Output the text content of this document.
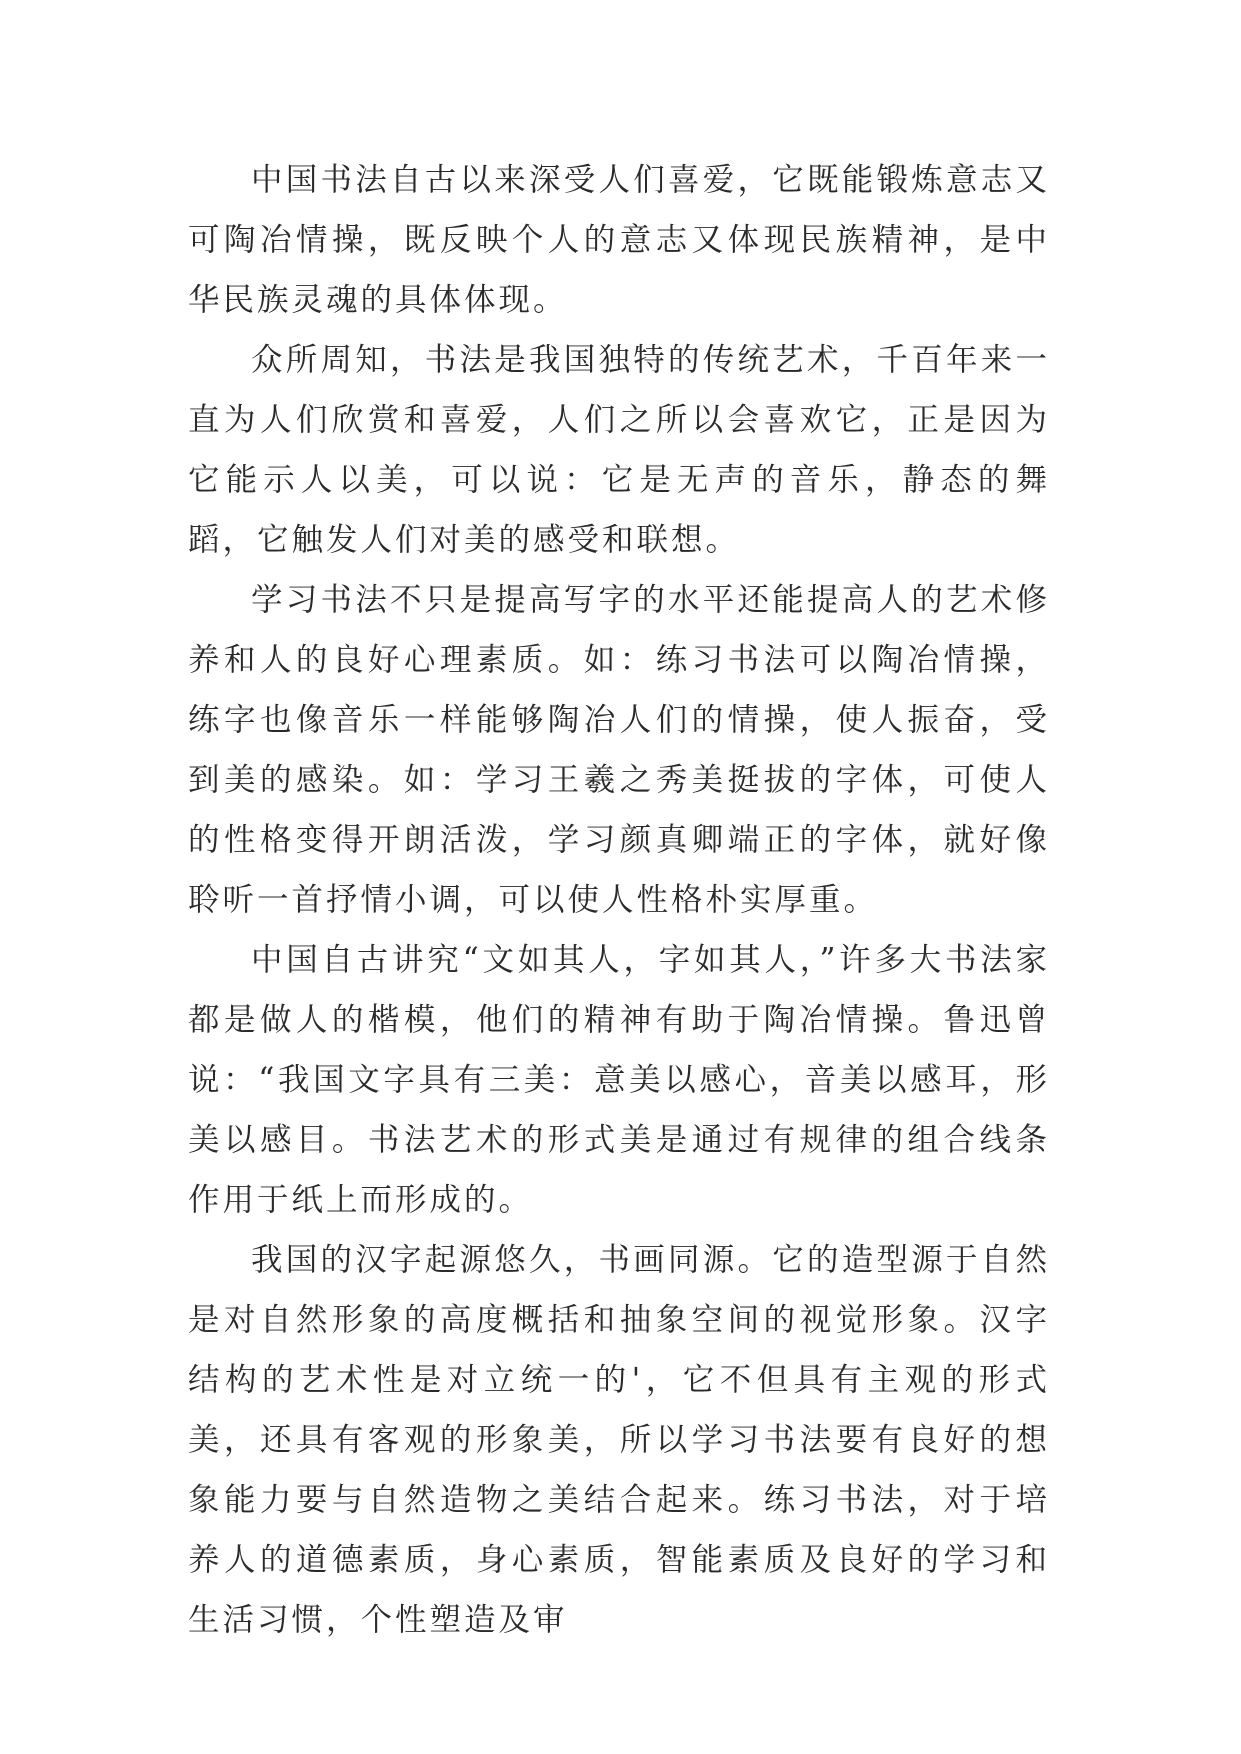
中国书法自古以来深受人们喜爱，它既能锻炼意志又可陶冶情操，既反映个人的意志又体现民族精神，是中华民族灵魂的具体体现。

众所周知，书法是我国独特的传统艺术，千百年来一直为人们欣赏和喜爱，人们之所以会喜欢它，正是因为它能示人以美，可以说：它是无声的音乐，静态的舞蹈，它触发人们对美的感受和联想。

学习书法不只是提高写字的水平还能提高人的艺术修养和人的良好心理素质。如：练习书法可以陶冶情操，练字也像音乐一样能够陶冶人们的情操，使人振奋，受到美的感染。如：学习王羲之秀美挺拔的字体，可使人的性格变得开朗活泼，学习颜真卿端正的字体，就好像聆听一首抒情小调，可以使人性格朴实厚重。

中国自古讲究“文如其人，字如其人，”许多大书法家都是做人的楷模，他们的精神有助于陶冶情操。鲁迅曾说：“我国文字具有三美：意美以感心，音美以感耳，形美以感目。书法艺术的形式美是通过有规律的组合线条作用于纸上而形成的。

我国的汉字起源悠久，书画同源。它的造型源于自然是对自然形象的高度概括和抽象空间的视觉形象。汉字结构的艺术性是对立统一的'，它不但具有主观的形式美，还具有客观的形象美，所以学习书法要有良好的想象能力要与自然造物之美结合起来。练习书法，对于培养人的道德素质，身心素质，智能素质及良好的学习和生活习惯，个性塑造及审
